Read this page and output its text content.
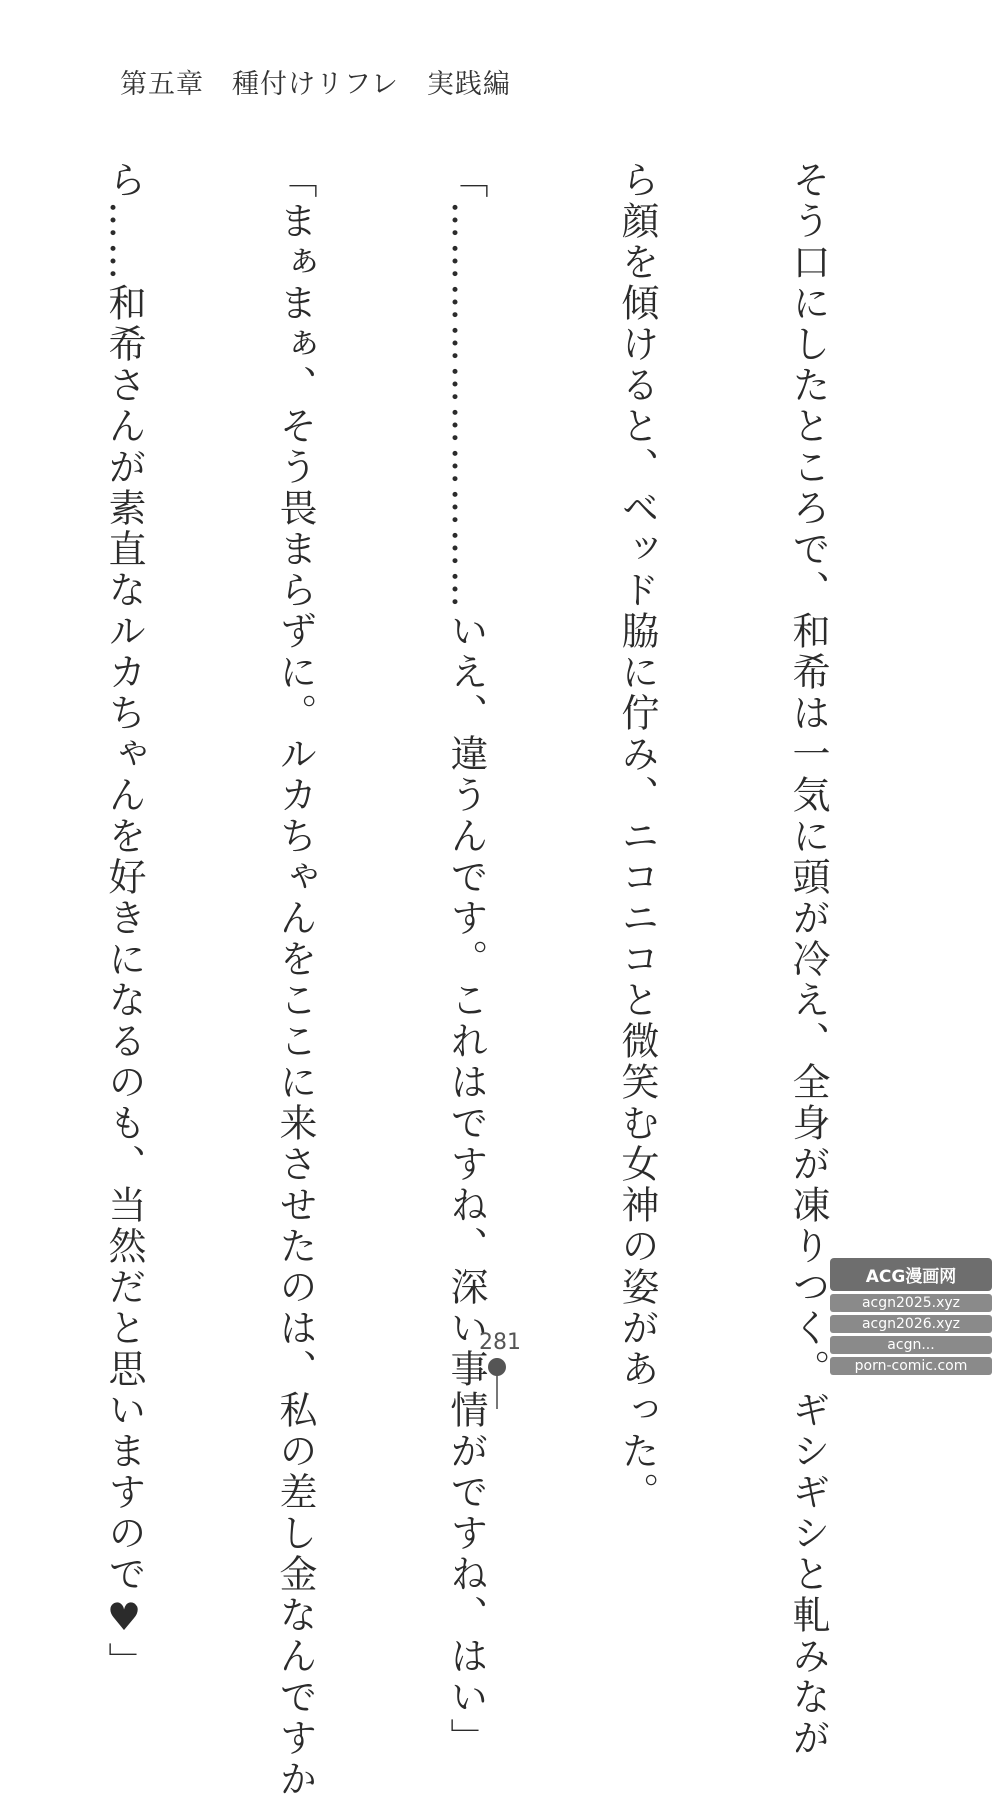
第五章　種付けリフレ　実践編

そう口にしたところで、和希は一気に頭が冷え、全身が凍りつく。ギシギシと軋みなが

ら顔を傾けると、ベッド脇に佇み、ニコニコと微笑む女神の姿があった。

「…………………………いえ、違うんです。これはですね、深い事情がですね、はい」

「まぁまぁ、そう畏まらずに。ルカちゃんをここに来させたのは、私の差し金なんですか

ら……和希さんが素直なルカちゃんを好きになるのも、当然だと思いますので♥」

	281
ACG漫画网
acgn2025.xyz
acgn2026.xyz
acgn...
porn-comic.com
